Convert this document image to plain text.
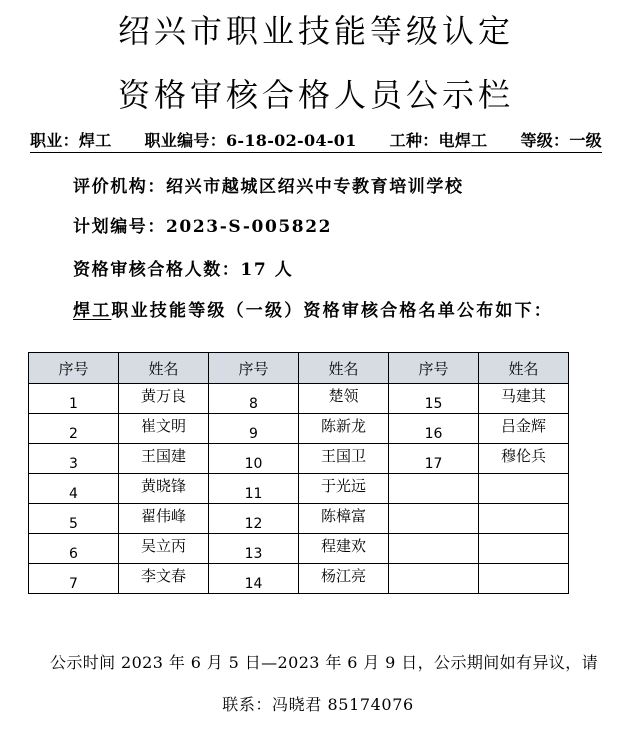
绍兴市职业技能等级认定
资格审核合格人员公示栏
职业：焊工 职业编号：6-18-02-04-01 工种：电焊工 等级：一级
评价机构：绍兴市越城区绍兴中专教育培训学校
计划编号：2023-S-005822
资格审核合格人数：17 人
焊工职业技能等级（一级）资格审核合格名单公布如下：
序号	姓名	序号	姓名	序号	姓名

1	黄万良	8	楚领	15	马建其

2	崔文明	9	陈新龙	16	吕金辉

3	王国建	10	王国卫	17	穆伦兵

4	黄晓锋	11	于光远		

5	翟伟峰	12	陈樟富		

6	吴立丙	13	程建欢		

7	李文春	14	杨江亮		

公示时间 2023 年 6 月 5 日—2023 年 6 月 9 日，公示期间如有异议，请
联系：冯晓君 85174076
